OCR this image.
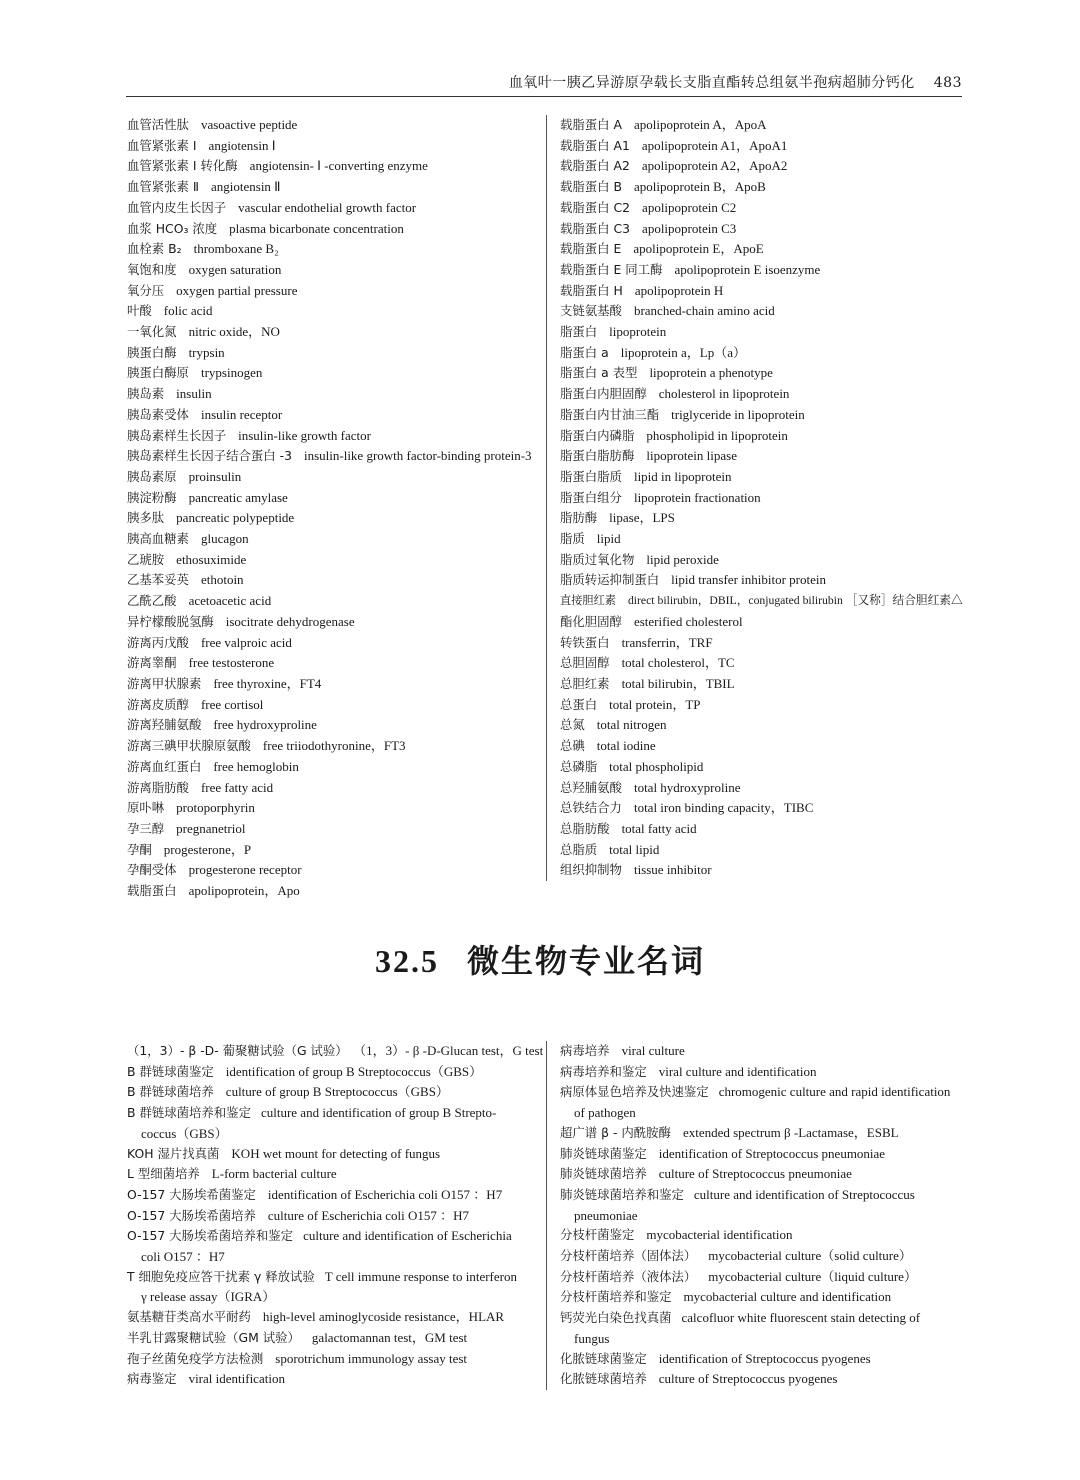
血氧叶一胰乙异游原孕载长支脂直酯转总组氨半孢病超肺分钙化 483
血管活性肽 vasoactive peptide
血管紧张素 Ⅰ angiotensin Ⅰ
血管紧张素 Ⅰ 转化酶 angiotensin- Ⅰ -converting enzyme
血管紧张素 Ⅱ angiotensin Ⅱ
血管内皮生长因子 vascular endothelial growth factor
血浆 HCO₃ 浓度 plasma bicarbonate concentration
血栓素 B₂ thromboxane B₂
氧饱和度 oxygen saturation
氧分压 oxygen partial pressure
叶酸 folic acid
一氧化氮 nitric oxide，NO
胰蛋白酶 trypsin
胰蛋白酶原 trypsinogen
胰岛素 insulin
胰岛素受体 insulin receptor
胰岛素样生长因子 insulin-like growth factor
胰岛素样生长因子结合蛋白 -3 insulin-like growth factor-binding protein-3
胰岛素原 proinsulin
胰淀粉酶 pancreatic amylase
胰多肽 pancreatic polypeptide
胰高血糖素 glucagon
乙琥胺 ethosuximide
乙基苯妥英 ethotoin
乙酰乙酸 acetoacetic acid
异柠檬酸脱氢酶 isocitrate dehydrogenase
游离丙戊酸 free valproic acid
游离睾酮 free testosterone
游离甲状腺素 free thyroxine，FT4
游离皮质醇 free cortisol
游离羟脯氨酸 free hydroxyproline
游离三碘甲状腺原氨酸 free triiodothyronine，FT3
游离血红蛋白 free hemoglobin
游离脂肪酸 free fatty acid
原卟啉 protoporphyrin
孕三醇 pregnanetriol
孕酮 progesterone，P
孕酮受体 progesterone receptor
载脂蛋白 apolipoprotein，Apo
载脂蛋白 A apolipoprotein A，ApoA
载脂蛋白 A1 apolipoprotein A1，ApoA1
载脂蛋白 A2 apolipoprotein A2，ApoA2
载脂蛋白 B apolipoprotein B，ApoB
载脂蛋白 C2 apolipoprotein C2
载脂蛋白 C3 apolipoprotein C3
载脂蛋白 E apolipoprotein E，ApoE
载脂蛋白 E 同工酶 apolipoprotein E isoenzyme
载脂蛋白 H apolipoprotein H
支链氨基酸 branched-chain amino acid
脂蛋白 lipoprotein
脂蛋白 a lipoprotein a，Lp（a）
脂蛋白 a 表型 lipoprotein a phenotype
脂蛋白内胆固醇 cholesterol in lipoprotein
脂蛋白内甘油三酯 triglyceride in lipoprotein
脂蛋白内磷脂 phospholipid in lipoprotein
脂蛋白脂肪酶 lipoprotein lipase
脂蛋白脂质 lipid in lipoprotein
脂蛋白组分 lipoprotein fractionation
脂肪酶 lipase，LPS
脂质 lipid
脂质过氧化物 lipid peroxide
脂质转运抑制蛋白 lipid transfer inhibitor protein
直接胆红素 direct bilirubin，DBIL，conjugated bilirubin ［又称］结合胆红素△
酯化胆固醇 esterified cholesterol
转铁蛋白 transferrin，TRF
总胆固醇 total cholesterol，TC
总胆红素 total bilirubin，TBIL
总蛋白 total protein，TP
总氮 total nitrogen
总碘 total iodine
总磷脂 total phospholipid
总羟脯氨酸 total hydroxyproline
总铁结合力 total iron binding capacity，TIBC
总脂肪酸 total fatty acid
总脂质 total lipid
组织抑制物 tissue inhibitor
32.5 微生物专业名词
（1，3）- β -D- 葡聚糖试验（G 试验） （1，3）- β -D-Glucan test，G test
B 群链球菌鉴定 identification of group B Streptococcus（GBS）
B 群链球菌培养 culture of group B Streptococcus（GBS）
B 群链球菌培养和鉴定 culture and identification of group B Strepto-
coccus（GBS）
KOH 湿片找真菌 KOH wet mount for detecting of fungus
L 型细菌培养 L-form bacterial culture
O-157 大肠埃希菌鉴定 identification of Escherichia coli O157 ：H7
O-157 大肠埃希菌培养 culture of Escherichia coli O157 ：H7
O-157 大肠埃希菌培养和鉴定 culture and identification of Escherichia
coli O157 ：H7
T 细胞免疫应答干扰素 γ 释放试验 T cell immune response to interferon
γ release assay（IGRA）
氨基糖苷类高水平耐药 high-level aminoglycoside resistance，HLAR
半乳甘露聚糖试验（GM 试验） galactomannan test，GM test
孢子丝菌免疫学方法检测 sporotrichum immunology assay test
病毒鉴定 viral identification
病毒培养 viral culture
病毒培养和鉴定 viral culture and identification
病原体显色培养及快速鉴定 chromogenic culture and rapid identification
of pathogen
超广谱 β - 内酰胺酶 extended spectrum β -Lactamase，ESBL
肺炎链球菌鉴定 identification of Streptococcus pneumoniae
肺炎链球菌培养 culture of Streptococcus pneumoniae
肺炎链球菌培养和鉴定 culture and identification of Streptococcus
pneumoniae
分枝杆菌鉴定 mycobacterial identification
分枝杆菌培养（固体法） mycobacterial culture（solid culture）
分枝杆菌培养（液体法） mycobacterial culture（liquid culture）
分枝杆菌培养和鉴定 mycobacterial culture and identification
钙荧光白染色找真菌 calcofluor white fluorescent stain detecting of
fungus
化脓链球菌鉴定 identification of Streptococcus pyogenes
化脓链球菌培养 culture of Streptococcus pyogenes
